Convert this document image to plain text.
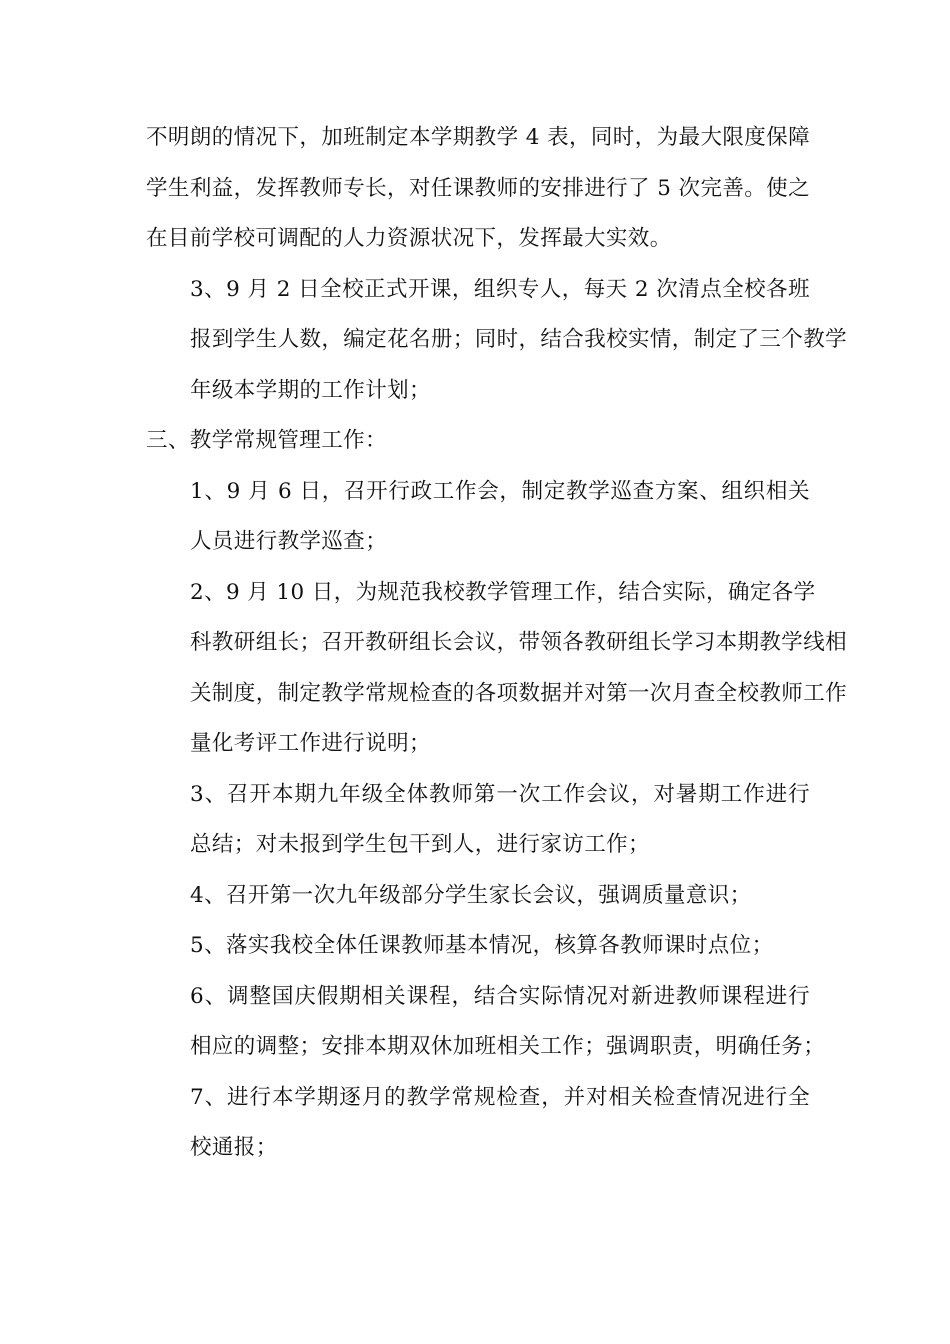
不明朗的情况下，加班制定本学期教学 4 表，同时，为最大限度保障
学生利益，发挥教师专长，对任课教师的安排进行了 5 次完善。使之
在目前学校可调配的人力资源状况下，发挥最大实效。
3、9 月 2 日全校正式开课，组织专人，每天 2 次清点全校各班
报到学生人数，编定花名册；同时，结合我校实情，制定了三个教学
年级本学期的工作计划；
三、教学常规管理工作：
1、9 月 6 日，召开行政工作会，制定教学巡查方案、组织相关
人员进行教学巡查；
2、9 月 10 日，为规范我校教学管理工作，结合实际，确定各学
科教研组长；召开教研组长会议，带领各教研组长学习本期教学线相
关制度，制定教学常规检查的各项数据并对第一次月查全校教师工作
量化考评工作进行说明；
3、召开本期九年级全体教师第一次工作会议，对暑期工作进行
总结；对未报到学生包干到人，进行家访工作；
4、召开第一次九年级部分学生家长会议，强调质量意识；
5、落实我校全体任课教师基本情况，核算各教师课时点位；
6、调整国庆假期相关课程，结合实际情况对新进教师课程进行
相应的调整；安排本期双休加班相关工作；强调职责，明确任务；
7、进行本学期逐月的教学常规检查，并对相关检查情况进行全
校通报；
